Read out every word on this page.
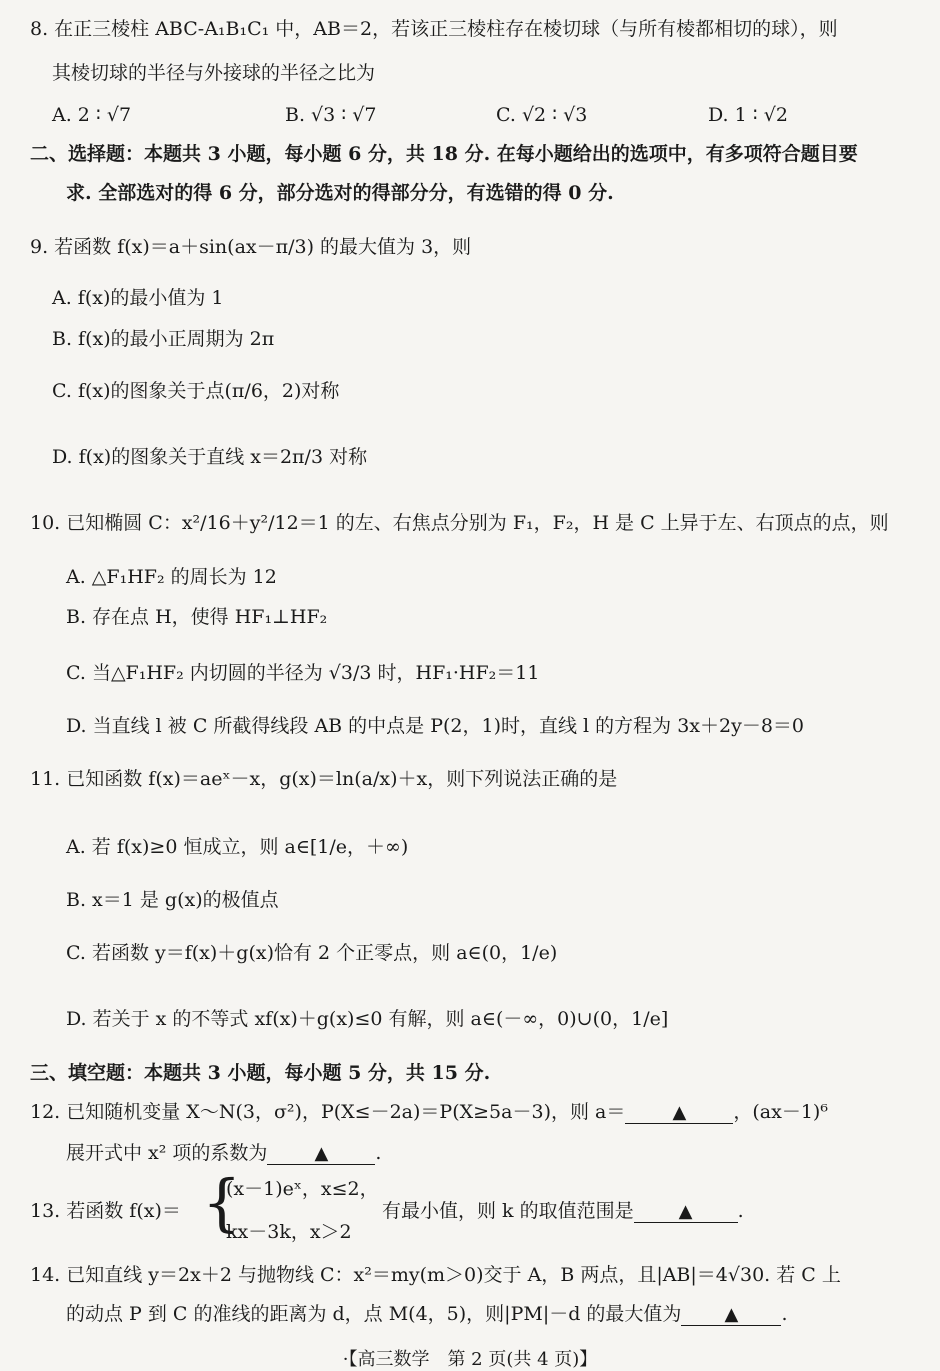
8. 在正三棱柱 ABC-A₁B₁C₁ 中，AB＝2，若该正三棱柱存在棱切球（与所有棱都相切的球），则
其棱切球的半径与外接球的半径之比为
A. 2 ∶ √7	B. √3 ∶ √7	C. √2 ∶ √3	D. 1 ∶ √2
二、选择题：本题共 3 小题，每小题 6 分，共 18 分. 在每小题给出的选项中，有多项符合题目要
求. 全部选对的得 6 分，部分选对的得部分分，有选错的得 0 分.
9. 若函数 f(x)＝a＋sin(ax－π/3) 的最大值为 3，则
A. f(x)的最小值为 1
B. f(x)的最小正周期为 2π
C. f(x)的图象关于点(π/6，2)对称
D. f(x)的图象关于直线 x＝2π/3 对称
10. 已知椭圆 C：x²/16＋y²/12＝1 的左、右焦点分别为 F₁，F₂，H 是 C 上异于左、右顶点的点，则
A. △F₁HF₂ 的周长为 12
B. 存在点 H，使得 HF₁⊥HF₂
C. 当△F₁HF₂ 内切圆的半径为 √3/3 时，HF₁·HF₂＝11
D. 当直线 l 被 C 所截得线段 AB 的中点是 P(2，1)时，直线 l 的方程为 3x＋2y－8＝0
11. 已知函数 f(x)＝aeˣ－x，g(x)＝ln(a/x)＋x，则下列说法正确的是
A. 若 f(x)≥0 恒成立，则 a∈[1/e，＋∞)
B. x＝1 是 g(x)的极值点
C. 若函数 y＝f(x)＋g(x)恰有 2 个正零点，则 a∈(0，1/e)
D. 若关于 x 的不等式 xf(x)＋g(x)≤0 有解，则 a∈(－∞，0)∪(0，1/e]
三、填空题：本题共 3 小题，每小题 5 分，共 15 分.
12. 已知随机变量 X～N(3，σ²)，P(X≤－2a)＝P(X≥5a－3)，则 a＝	▲ ，(ax－1)⁶
展开式中 x² 项的系数为	▲ .
13. 若函数 f(x)＝ {
(x－1)eˣ，x≤2，
kx－3k，x＞2
有最小值，则 k 的取值范围是	▲ .
14. 已知直线 y＝2x＋2 与抛物线 C：x²＝my(m＞0)交于 A，B 两点，且|AB|＝4√30. 若 C 上
的动点 P 到 C 的准线的距离为 d，点 M(4，5)，则|PM|－d 的最大值为 ▲ .
·【高三数学　第 2 页(共 4 页)】
